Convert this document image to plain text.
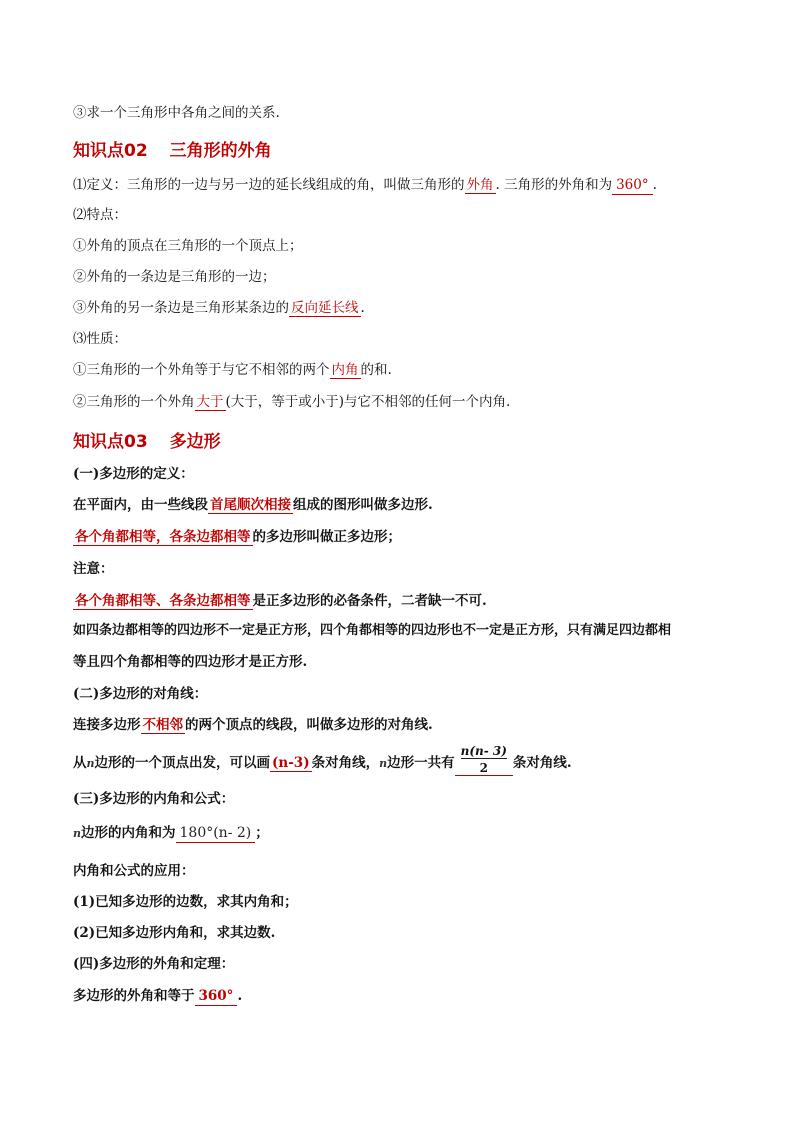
③求一个三角形中各角之间的关系.
知识点02 三角形的外角
⑴定义：三角形的一边与另一边的延长线组成的角，叫做三角形的 外角 . 三角形的外角和为 360° .
⑵特点：
①外角的顶点在三角形的一个顶点上；
②外角的一条边是三角形的一边；
③外角的另一条边是三角形某条边的 反向延长线 .
⑶性质：
①三角形的一个外角等于与它不相邻的两个 内角 的和.
②三角形的一个外角 大于 (大于，等于或小于)与它不相邻的任何一个内角.
知识点03 多边形
(一)多边形的定义：
在平面内，由一些线段 首尾顺次相接 组成的图形叫做多边形.
各个角都相等，各条边都相等 的多边形叫做正多边形；
注意：
各个角都相等、各条边都相等 是正多边形的必备条件，二者缺一不可.
如四条边都相等的四边形不一定是正方形，四个角都相等的四边形也不一定是正方形，只有满足四边都相
等且四个角都相等的四边形才是正方形.
(二)多边形的对角线：
连接多边形 不相邻 的两个顶点的线段，叫做多边形的对角线.
从n边形的一个顶点出发，可以画 (n-3) 条对角线，n边形一共有 $\frac{n(n- 3)}{2}$ 条对角线.
(三)多边形的内角和公式：
n边形的内角和为 180°(n- 2) ；
内角和公式的应用：
(1)已知多边形的边数，求其内角和；
(2)已知多边形内角和，求其边数.
(四)多边形的外角和定理：
多边形的外角和等于 360° .
